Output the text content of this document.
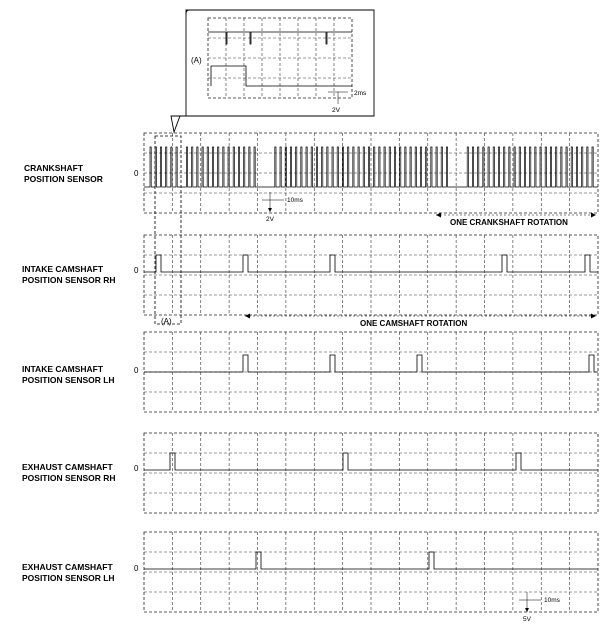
CRANKSHAFT
POSITION SENSOR
0
INTAKE CAMSHAFT
POSITION SENSOR RH
0
INTAKE CAMSHAFT
POSITION SENSOR LH
0
EXHAUST CAMSHAFT
POSITION SENSOR RH
0
EXHAUST CAMSHAFT
POSITION SENSOR LH
0
ONE CRANKSHAFT ROTATION
ONE CAMSHAFT ROTATION
2ms
2V
10ms
2V
10ms
5V
(A)
(A)
